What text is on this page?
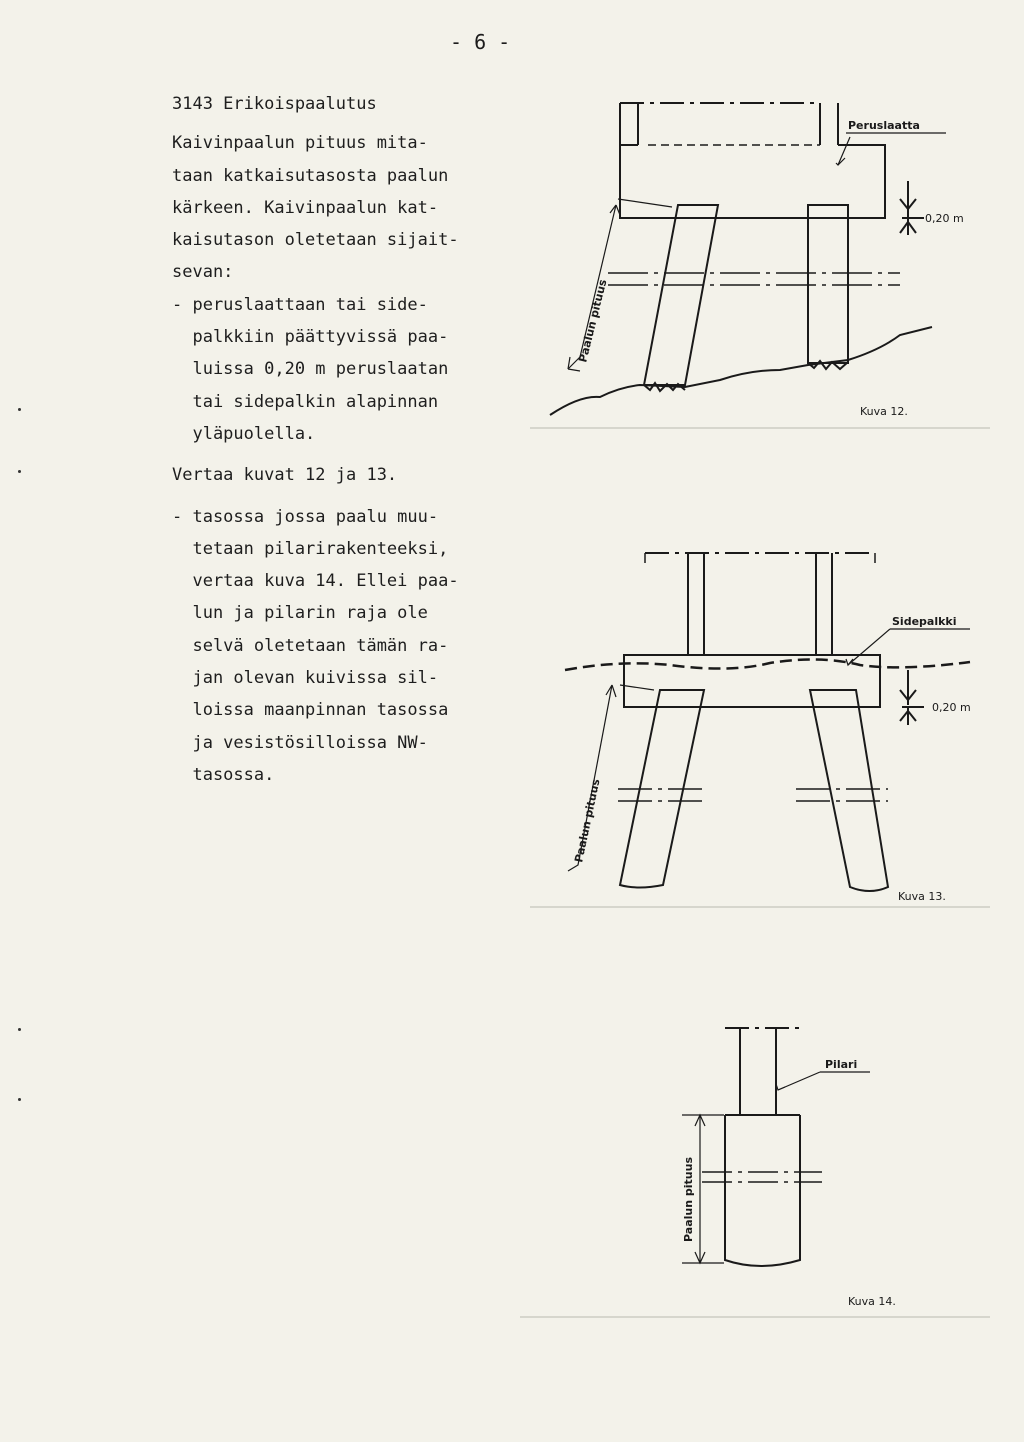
- 6 -

3143 Erikoispaalutus

Kaivinpaalun pituus mita-

taan katkaisutasosta paalun

kärkeen. Kaivinpaalun kat-

kaisutason oletetaan sijait-

sevan:

- peruslaattaan tai side-

palkkiin päättyvissä paa-

luissa 0,20 m peruslaatan

tai sidepalkin alapinnan

yläpuolella.

Vertaa kuvat 12 ja 13.

- tasossa jossa paalu muu-

tetaan pilarirakenteeksi,

vertaa kuva 14. Ellei paa-

lun ja pilarin raja ole

selvä oletetaan tämän ra-

jan olevan kuivissa sil-

loissa maanpinnan tasossa

ja vesistösilloissa NW-

tasossa.

Peruslaatta
0,20 m
Paalun pituus
Kuva 12.
Sidepalkki
0,20 m
Paalun pituus
Kuva 13.
Pilari
Paalun pituus
Kuva 14.
